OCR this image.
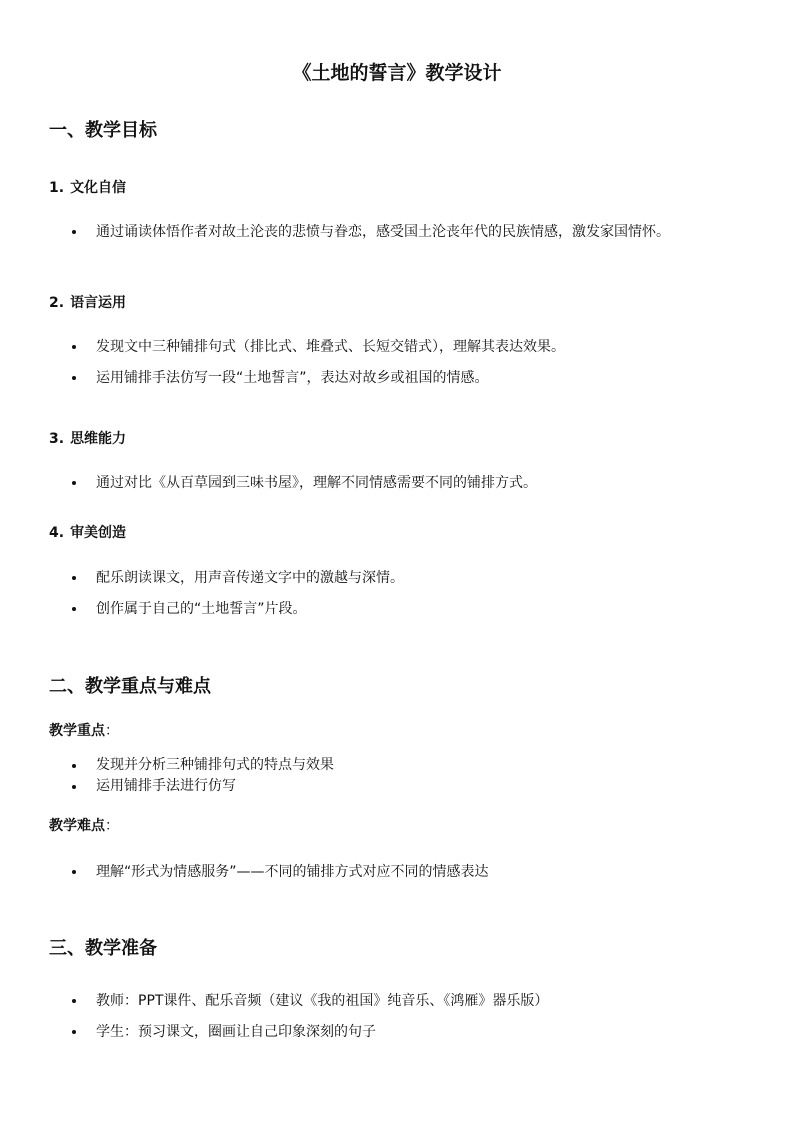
《土地的誓言》教学设计
一、教学目标
1. 文化自信
通过诵读体悟作者对故土沦丧的悲愤与眷恋，感受国土沦丧年代的民族情感，激发家国情怀。
2. 语言运用
发现文中三种铺排句式（排比式、堆叠式、长短交错式），理解其表达效果。
运用铺排手法仿写一段“土地誓言”，表达对故乡或祖国的情感。
3. 思维能力
通过对比《从百草园到三味书屋》，理解不同情感需要不同的铺排方式。
4. 审美创造
配乐朗读课文，用声音传递文字中的激越与深情。
创作属于自己的“土地誓言”片段。
二、教学重点与难点
教学重点：
发现并分析三种铺排句式的特点与效果
运用铺排手法进行仿写
教学难点：
理解“形式为情感服务”——不同的铺排方式对应不同的情感表达
三、教学准备
教师：PPT课件、配乐音频（建议《我的祖国》纯音乐、《鸿雁》器乐版）
学生：预习课文，圈画让自己印象深刻的句子
